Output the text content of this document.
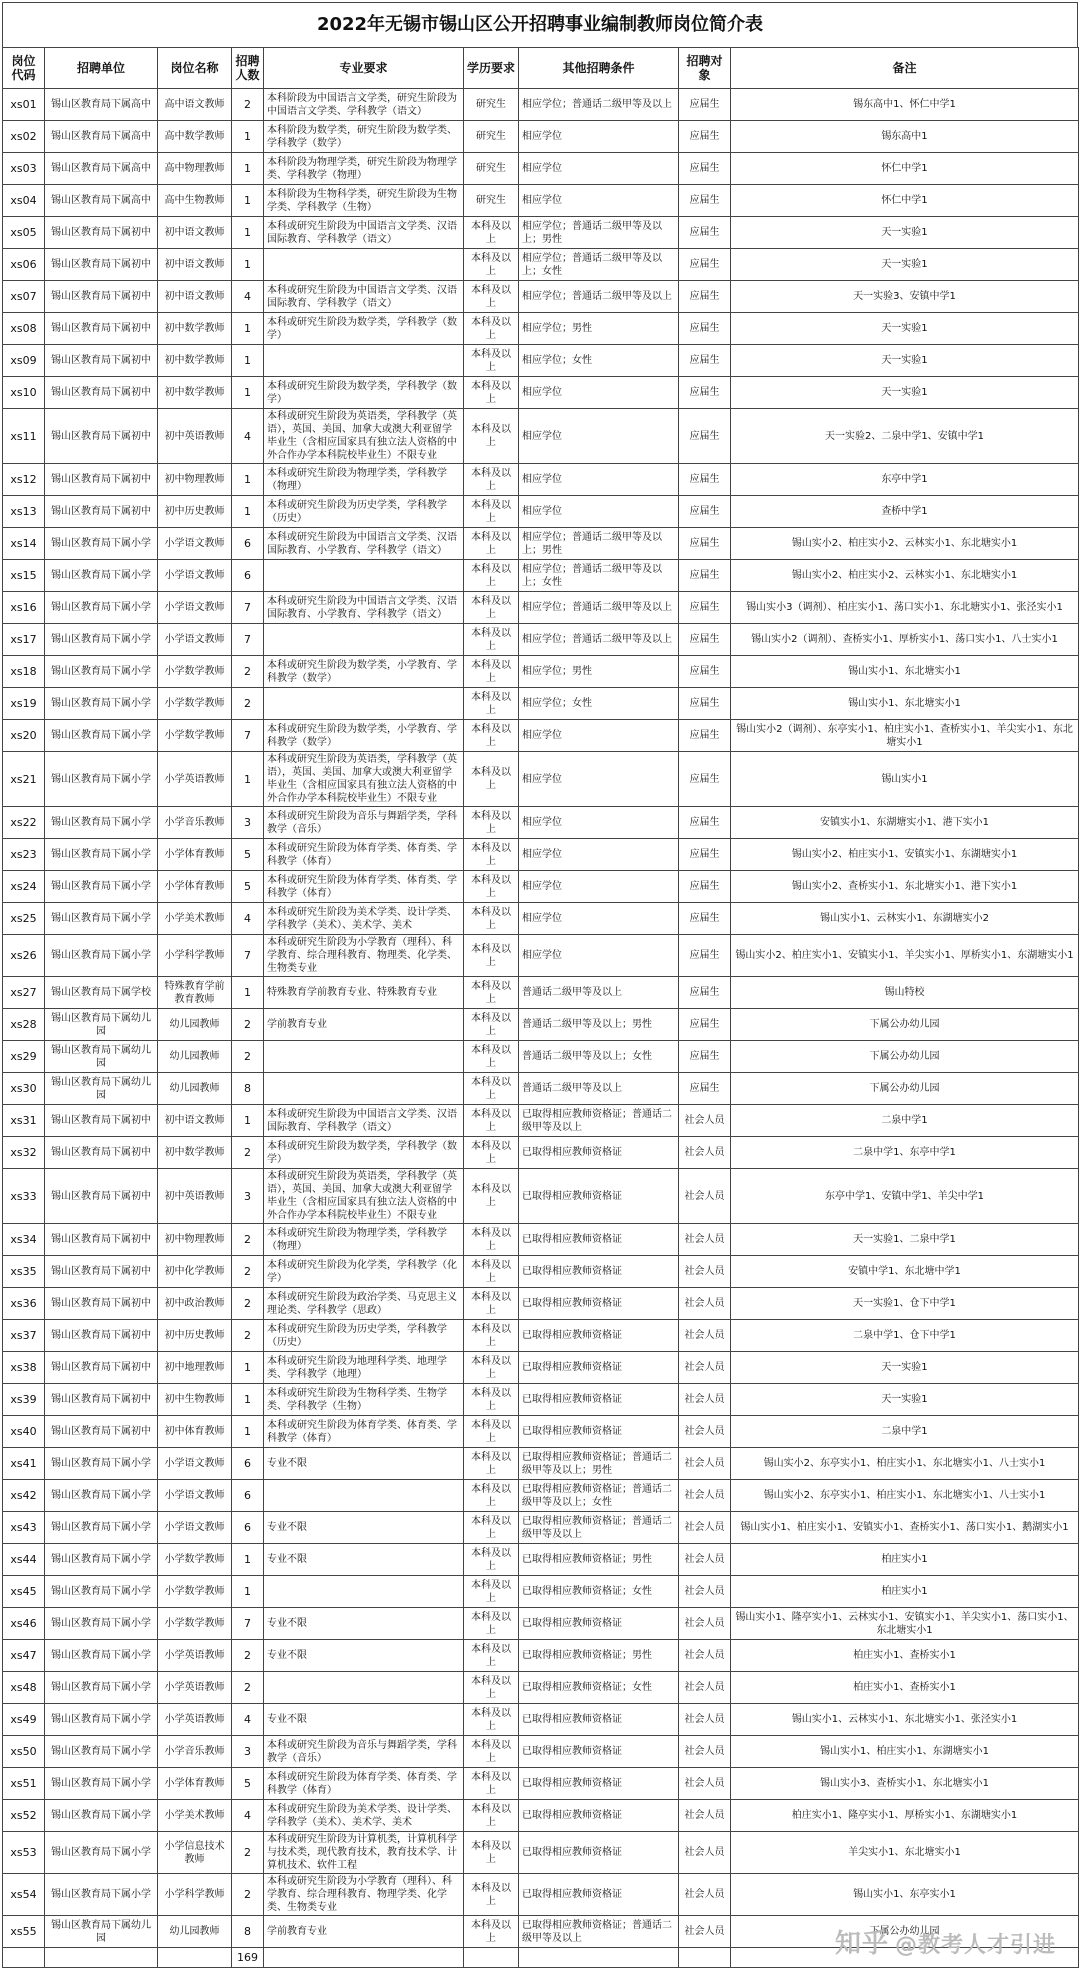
2022年无锡市锡山区公开招聘事业编制教师岗位简介表
岗位代码	招聘单位	岗位名称	招聘人数	专业要求	学历要求	其他招聘条件	招聘对象	备注
xs01	锡山区教育局下属高中	高中语文教师	2	本科阶段为中国语言文学类，研究生阶段为中国语言文学类、学科教学（语文）	研究生	相应学位；普通话二级甲等及以上	应届生	锡东高中1、怀仁中学1
xs02	锡山区教育局下属高中	高中数学教师	1	本科阶段为数学类，研究生阶段为数学类、学科教学（数学）	研究生	相应学位	应届生	锡东高中1
xs03	锡山区教育局下属高中	高中物理教师	1	本科阶段为物理学类，研究生阶段为物理学类、学科教学（物理）	研究生	相应学位	应届生	怀仁中学1
xs04	锡山区教育局下属高中	高中生物教师	1	本科阶段为生物科学类，研究生阶段为生物学类、学科教学（生物）	研究生	相应学位	应届生	怀仁中学1
xs05	锡山区教育局下属初中	初中语文教师	1	本科或研究生阶段为中国语言文学类、汉语国际教育、学科教学（语文）	本科及以上	相应学位；普通话二级甲等及以上；男性	应届生	天一实验1
xs06	锡山区教育局下属初中	初中语文教师	1		本科及以上	相应学位；普通话二级甲等及以上；女性	应届生	天一实验1
xs07	锡山区教育局下属初中	初中语文教师	4	本科或研究生阶段为中国语言文学类、汉语国际教育、学科教学（语文）	本科及以上	相应学位；普通话二级甲等及以上	应届生	天一实验3、安镇中学1
xs08	锡山区教育局下属初中	初中数学教师	1	本科或研究生阶段为数学类，学科教学（数学）	本科及以上	相应学位；男性	应届生	天一实验1
xs09	锡山区教育局下属初中	初中数学教师	1		本科及以上	相应学位；女性	应届生	天一实验1
xs10	锡山区教育局下属初中	初中数学教师	1	本科或研究生阶段为数学类，学科教学（数学）	本科及以上	相应学位	应届生	天一实验1
xs11	锡山区教育局下属初中	初中英语教师	4	本科或研究生阶段为英语类，学科教学（英语），英国、美国、加拿大或澳大利亚留学毕业生（含相应国家具有独立法人资格的中外合作办学本科院校毕业生）不限专业	本科及以上	相应学位	应届生	天一实验2、二泉中学1、安镇中学1
xs12	锡山区教育局下属初中	初中物理教师	1	本科或研究生阶段为物理学类，学科教学（物理）	本科及以上	相应学位	应届生	东亭中学1
xs13	锡山区教育局下属初中	初中历史教师	1	本科或研究生阶段为历史学类，学科教学（历史）	本科及以上	相应学位	应届生	查桥中学1
xs14	锡山区教育局下属小学	小学语文教师	6	本科或研究生阶段为中国语言文学类、汉语国际教育、小学教育、学科教学（语文）	本科及以上	相应学位；普通话二级甲等及以上；男性	应届生	锡山实小2、柏庄实小2、云林实小1、东北塘实小1
xs15	锡山区教育局下属小学	小学语文教师	6		本科及以上	相应学位；普通话二级甲等及以上；女性	应届生	锡山实小2、柏庄实小2、云林实小1、东北塘实小1
xs16	锡山区教育局下属小学	小学语文教师	7	本科或研究生阶段为中国语言文学类、汉语国际教育、小学教育、学科教学（语文）	本科及以上	相应学位；普通话二级甲等及以上	应届生	锡山实小3（调剂）、柏庄实小1、荡口实小1、东北塘实小1、张泾实小1
xs17	锡山区教育局下属小学	小学语文教师	7		本科及以上	相应学位；普通话二级甲等及以上	应届生	锡山实小2（调剂）、查桥实小1、厚桥实小1、荡口实小1、八士实小1
xs18	锡山区教育局下属小学	小学数学教师	2	本科或研究生阶段为数学类，小学教育、学科教学（数学）	本科及以上	相应学位；男性	应届生	锡山实小1、东北塘实小1
xs19	锡山区教育局下属小学	小学数学教师	2		本科及以上	相应学位；女性	应届生	锡山实小1、东北塘实小1
xs20	锡山区教育局下属小学	小学数学教师	7	本科或研究生阶段为数学类，小学教育、学科教学（数学）	本科及以上	相应学位	应届生	锡山实小2（调剂）、东亭实小1、柏庄实小1、查桥实小1、羊尖实小1、东北塘实小1
xs21	锡山区教育局下属小学	小学英语教师	1	本科或研究生阶段为英语类，学科教学（英语），英国、美国、加拿大或澳大利亚留学毕业生（含相应国家具有独立法人资格的中外合作办学本科院校毕业生）不限专业	本科及以上	相应学位	应届生	锡山实小1
xs22	锡山区教育局下属小学	小学音乐教师	3	本科或研究生阶段为音乐与舞蹈学类，学科教学（音乐）	本科及以上	相应学位	应届生	安镇实小1、东湖塘实小1、港下实小1
xs23	锡山区教育局下属小学	小学体育教师	5	本科或研究生阶段为体育学类、体育类、学科教学（体育）	本科及以上	相应学位	应届生	锡山实小2、柏庄实小1、安镇实小1、东湖塘实小1
xs24	锡山区教育局下属小学	小学体育教师	5	本科或研究生阶段为体育学类、体育类、学科教学（体育）	本科及以上	相应学位	应届生	锡山实小2、查桥实小1、东北塘实小1、港下实小1
xs25	锡山区教育局下属小学	小学美术教师	4	本科或研究生阶段为美术学类、设计学类、学科教学（美术）、美术学、美术	本科及以上	相应学位	应届生	锡山实小1、云林实小1、东湖塘实小2
xs26	锡山区教育局下属小学	小学科学教师	7	本科或研究生阶段为小学教育（理科）、科学教育、综合理科教育、物理类、化学类、生物类专业	本科及以上	相应学位	应届生	锡山实小2、柏庄实小1、安镇实小1、羊尖实小1、厚桥实小1、东湖塘实小1
xs27	锡山区教育局下属学校	特殊教育学前教育教师	1	特殊教育学前教育专业、特殊教育专业	本科及以上	普通话二级甲等及以上	应届生	锡山特校
xs28	锡山区教育局下属幼儿园	幼儿园教师	2	学前教育专业	本科及以上	普通话二级甲等及以上；男性	应届生	下属公办幼儿园
xs29	锡山区教育局下属幼儿园	幼儿园教师	2		本科及以上	普通话二级甲等及以上；女性	应届生	下属公办幼儿园
xs30	锡山区教育局下属幼儿园	幼儿园教师	8		本科及以上	普通话二级甲等及以上	应届生	下属公办幼儿园
xs31	锡山区教育局下属初中	初中语文教师	1	本科或研究生阶段为中国语言文学类、汉语国际教育、学科教学（语文）	本科及以上	已取得相应教师资格证；普通话二级甲等及以上	社会人员	二泉中学1
xs32	锡山区教育局下属初中	初中数学教师	2	本科或研究生阶段为数学类，学科教学（数学）	本科及以上	已取得相应教师资格证	社会人员	二泉中学1、东亭中学1
xs33	锡山区教育局下属初中	初中英语教师	3	本科或研究生阶段为英语类，学科教学（英语），英国、美国、加拿大或澳大利亚留学毕业生（含相应国家具有独立法人资格的中外合作办学本科院校毕业生）不限专业	本科及以上	已取得相应教师资格证	社会人员	东亭中学1、安镇中学1、羊尖中学1
xs34	锡山区教育局下属初中	初中物理教师	2	本科或研究生阶段为物理学类，学科教学（物理）	本科及以上	已取得相应教师资格证	社会人员	天一实验1、二泉中学1
xs35	锡山区教育局下属初中	初中化学教师	2	本科或研究生阶段为化学类，学科教学（化学）	本科及以上	已取得相应教师资格证	社会人员	安镇中学1、东北塘中学1
xs36	锡山区教育局下属初中	初中政治教师	2	本科或研究生阶段为政治学类、马克思主义理论类、学科教学（思政）	本科及以上	已取得相应教师资格证	社会人员	天一实验1、仓下中学1
xs37	锡山区教育局下属初中	初中历史教师	2	本科或研究生阶段为历史学类，学科教学（历史）	本科及以上	已取得相应教师资格证	社会人员	二泉中学1、仓下中学1
xs38	锡山区教育局下属初中	初中地理教师	1	本科或研究生阶段为地理科学类、地理学类、学科教学（地理）	本科及以上	已取得相应教师资格证	社会人员	天一实验1
xs39	锡山区教育局下属初中	初中生物教师	1	本科或研究生阶段为生物科学类、生物学类、学科教学（生物）	本科及以上	已取得相应教师资格证	社会人员	天一实验1
xs40	锡山区教育局下属初中	初中体育教师	1	本科或研究生阶段为体育学类、体育类、学科教学（体育）	本科及以上	已取得相应教师资格证	社会人员	二泉中学1
xs41	锡山区教育局下属小学	小学语文教师	6	专业不限	本科及以上	已取得相应教师资格证；普通话二级甲等及以上；男性	社会人员	锡山实小2、东亭实小1、柏庄实小1、东北塘实小1、八士实小1
xs42	锡山区教育局下属小学	小学语文教师	6		本科及以上	已取得相应教师资格证；普通话二级甲等及以上；女性	社会人员	锡山实小2、东亭实小1、柏庄实小1、东北塘实小1、八士实小1
xs43	锡山区教育局下属小学	小学语文教师	6	专业不限	本科及以上	已取得相应教师资格证；普通话二级甲等及以上	社会人员	锡山实小1、柏庄实小1、安镇实小1、查桥实小1、荡口实小1、鹅湖实小1
xs44	锡山区教育局下属小学	小学数学教师	1	专业不限	本科及以上	已取得相应教师资格证；男性	社会人员	柏庄实小1
xs45	锡山区教育局下属小学	小学数学教师	1		本科及以上	已取得相应教师资格证；女性	社会人员	柏庄实小1
xs46	锡山区教育局下属小学	小学数学教师	7	专业不限	本科及以上	已取得相应教师资格证	社会人员	锡山实小1、隆亭实小1、云林实小1、安镇实小1、羊尖实小1、荡口实小1、东北塘实小1
xs47	锡山区教育局下属小学	小学英语教师	2	专业不限	本科及以上	已取得相应教师资格证；男性	社会人员	柏庄实小1、查桥实小1
xs48	锡山区教育局下属小学	小学英语教师	2		本科及以上	已取得相应教师资格证；女性	社会人员	柏庄实小1、查桥实小1
xs49	锡山区教育局下属小学	小学英语教师	4	专业不限	本科及以上	已取得相应教师资格证	社会人员	锡山实小1、云林实小1、东北塘实小1、张泾实小1
xs50	锡山区教育局下属小学	小学音乐教师	3	本科或研究生阶段为音乐与舞蹈学类，学科教学（音乐）	本科及以上	已取得相应教师资格证	社会人员	锡山实小1、柏庄实小1、东湖塘实小1
xs51	锡山区教育局下属小学	小学体育教师	5	本科或研究生阶段为体育学类、体育类、学科教学（体育）	本科及以上	已取得相应教师资格证	社会人员	锡山实小3、查桥实小1、东北塘实小1
xs52	锡山区教育局下属小学	小学美术教师	4	本科或研究生阶段为美术学类、设计学类、学科教学（美术）、美术学、美术	本科及以上	已取得相应教师资格证	社会人员	柏庄实小1、隆亭实小1、厚桥实小1、东湖塘实小1
xs53	锡山区教育局下属小学	小学信息技术教师	2	本科或研究生阶段为计算机类，计算机科学与技术类，现代教育技术，教育技术学、计算机技术、软件工程	本科及以上	已取得相应教师资格证	社会人员	羊尖实小1、东北塘实小1
xs54	锡山区教育局下属小学	小学科学教师	2	本科或研究生阶段为小学教育（理科）、科学教育、综合理科教育、物理学类、化学类、生物类专业	本科及以上	已取得相应教师资格证	社会人员	锡山实小1、东亭实小1
xs55	锡山区教育局下属幼儿园	幼儿园教师	8	学前教育专业	本科及以上	已取得相应教师资格证；普通话二级甲等及以上	社会人员	下属公办幼儿园
			169						知乎 @教考人才引进
